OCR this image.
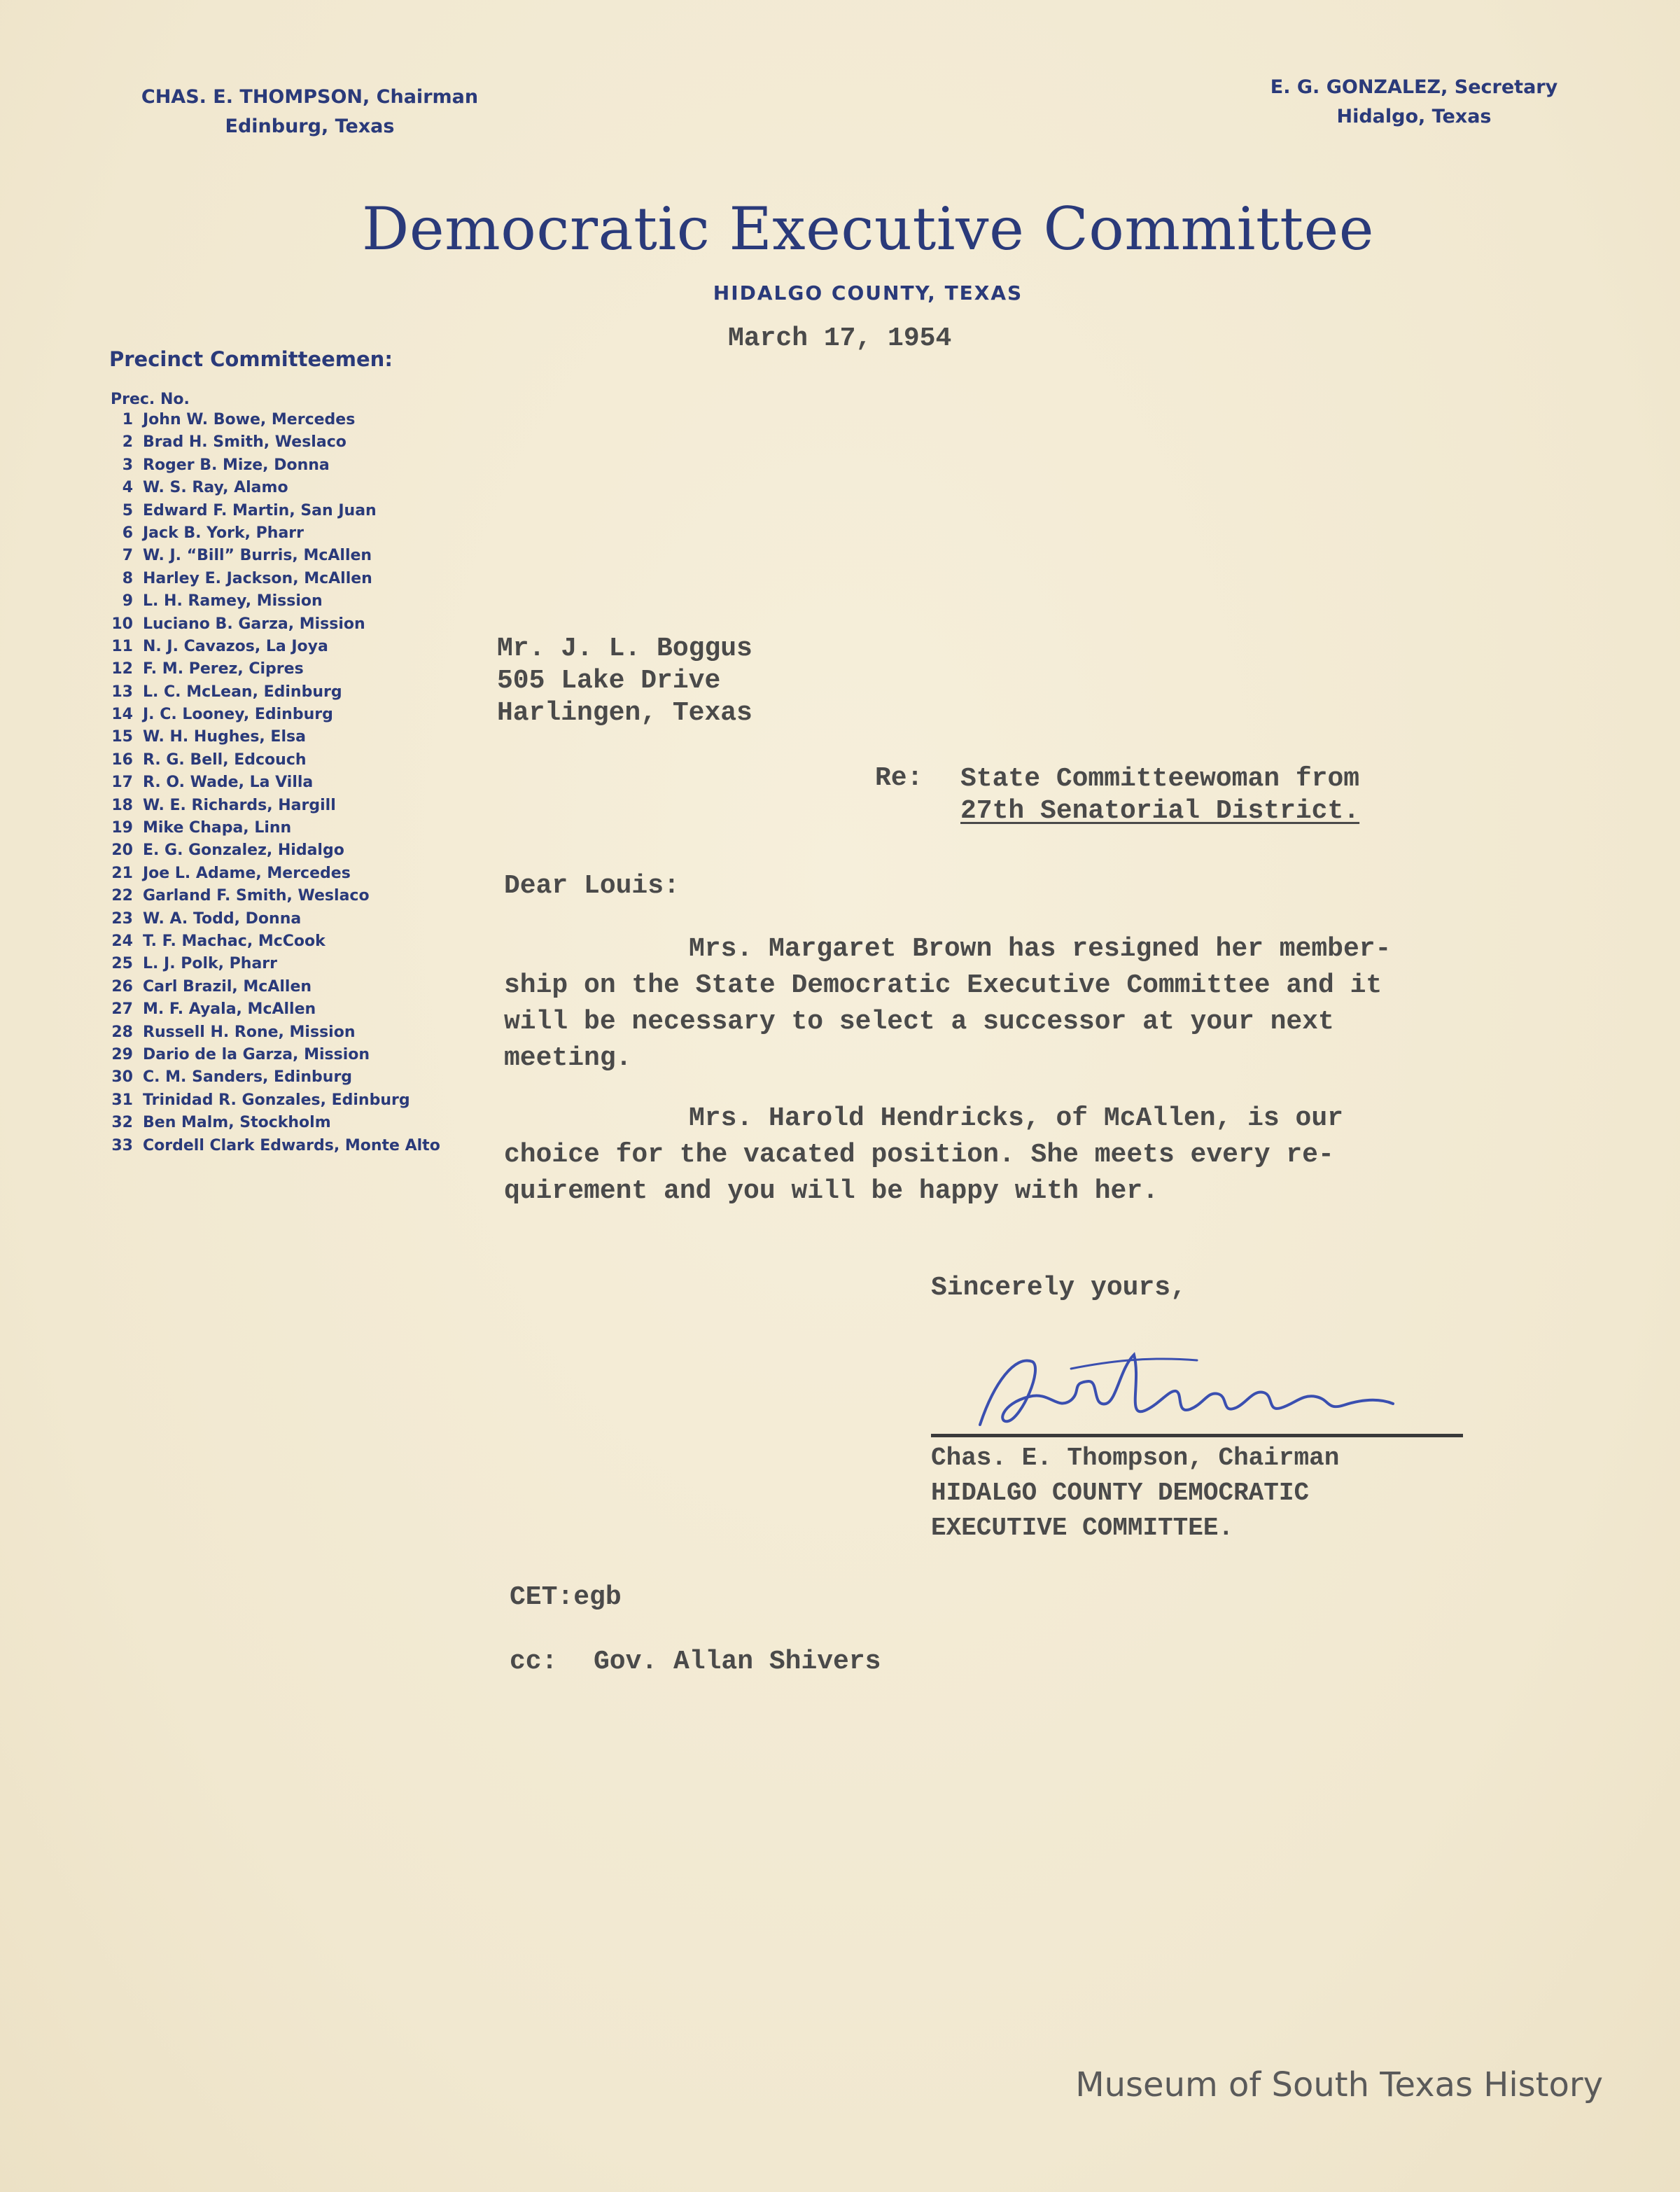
CHAS. E. THOMPSON, Chairman
Edinburg, Texas
E. G. GONZALEZ, Secretary
Hidalgo, Texas
Democratic Executive Committee
HIDALGO COUNTY, TEXAS
March 17, 1954
Precinct Committeemen:
Prec. No.
1 John W. Bowe, Mercedes
2 Brad H. Smith, Weslaco
3 Roger B. Mize, Donna
4 W. S. Ray, Alamo
5 Edward F. Martin, San Juan
6 Jack B. York, Pharr
7 W. J. “Bill” Burris, McAllen
8 Harley E. Jackson, McAllen
9 L. H. Ramey, Mission
10 Luciano B. Garza, Mission
11 N. J. Cavazos, La Joya
12 F. M. Perez, Cipres
13 L. C. McLean, Edinburg
14 J. C. Looney, Edinburg
15 W. H. Hughes, Elsa
16 R. G. Bell, Edcouch
17 R. O. Wade, La Villa
18 W. E. Richards, Hargill
19 Mike Chapa, Linn
20 E. G. Gonzalez, Hidalgo
21 Joe L. Adame, Mercedes
22 Garland F. Smith, Weslaco
23 W. A. Todd, Donna
24 T. F. Machac, McCook
25 L. J. Polk, Pharr
26 Carl Brazil, McAllen
27 M. F. Ayala, McAllen
28 Russell H. Rone, Mission
29 Dario de la Garza, Mission
30 C. M. Sanders, Edinburg
31 Trinidad R. Gonzales, Edinburg
32 Ben Malm, Stockholm
33 Cordell Clark Edwards, Monte Alto
Mr. J. L. Boggus
505 Lake Drive
Harlingen, Texas
Re: State Committeewoman from
27th Senatorial District.
Dear Louis:
Mrs. Margaret Brown has resigned her member-
ship on the State Democratic Executive Committee and it
will be necessary to select a successor at your next
meeting.
Mrs. Harold Hendricks, of McAllen, is our
choice for the vacated position. She meets every re-
quirement and you will be happy with her.
Sincerely yours,
Chas. E. Thompson, Chairman
HIDALGO COUNTY DEMOCRATIC
EXECUTIVE COMMITTEE.
CET:egb
cc: Gov. Allan Shivers
Museum of South Texas History
